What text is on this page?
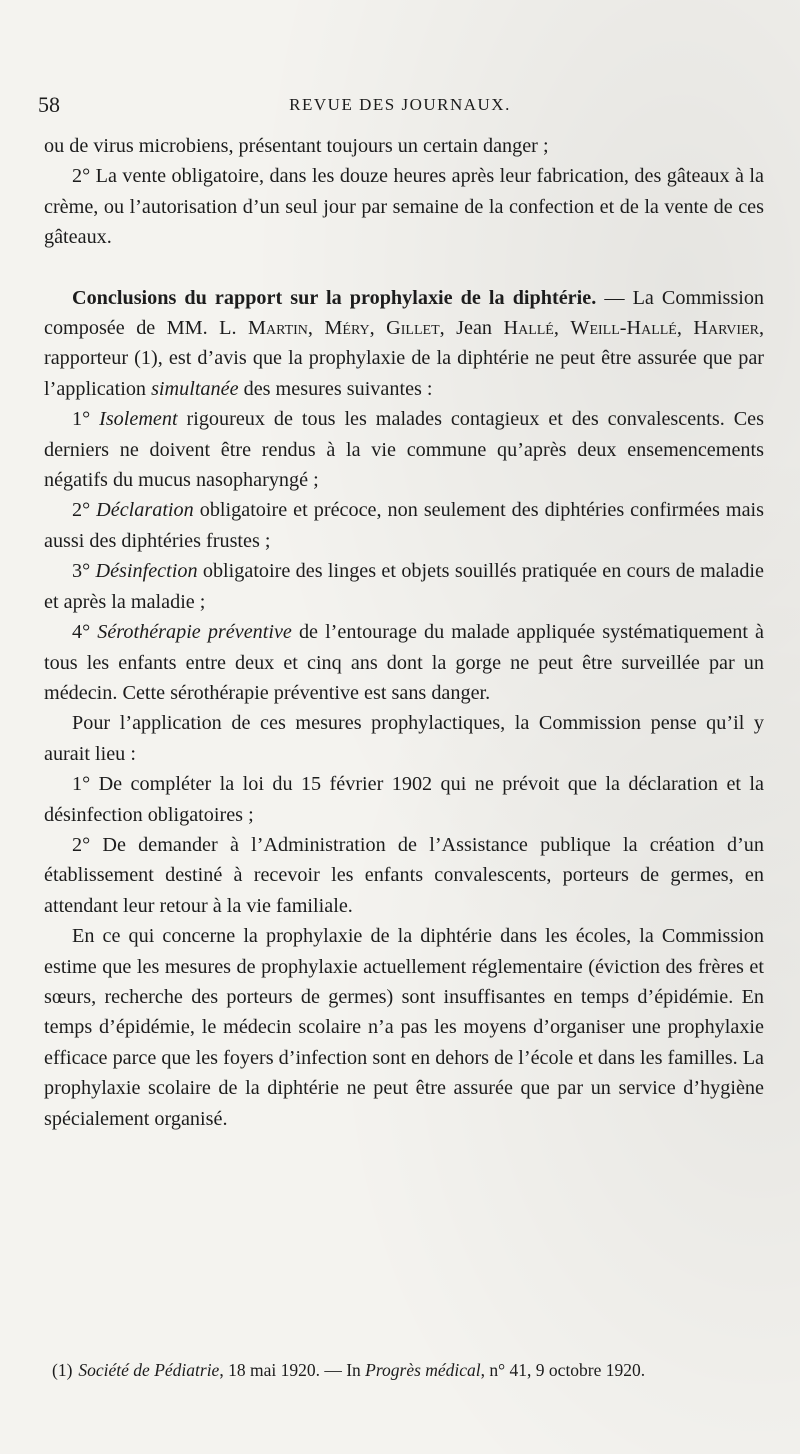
58	REVUE DES JOURNAUX.

ou de virus microbiens, présentant toujours un certain danger ;

2° La vente obligatoire, dans les douze heures après leur fabrication, des gâteaux à la crème, ou l’autorisation d’un seul jour par semaine de la confection et de la vente de ces gâteaux.

Conclusions du rapport sur la prophylaxie de la diphtérie. — La Commission composée de MM. L. Martin, Méry, Gillet, Jean Hallé, Weill-Hallé, Harvier, rapporteur (1), est d’avis que la prophylaxie de la diphtérie ne peut être assurée que par l’application simultanée des mesures suivantes :

1° Isolement rigoureux de tous les malades contagieux et des convalescents. Ces derniers ne doivent être rendus à la vie commune qu’après deux ensemencements négatifs du mucus nasopharyngé ;

2° Déclaration obligatoire et précoce, non seulement des diphtéries confirmées mais aussi des diphtéries frustes ;

3° Désinfection obligatoire des linges et objets souillés pratiquée en cours de maladie et après la maladie ;

4° Sérothérapie préventive de l’entourage du malade appliquée systématiquement à tous les enfants entre deux et cinq ans dont la gorge ne peut être surveillée par un médecin. Cette sérothérapie préventive est sans danger.

Pour l’application de ces mesures prophylactiques, la Commission pense qu’il y aurait lieu :

1° De compléter la loi du 15 février 1902 qui ne prévoit que la déclaration et la désinfection obligatoires ;

2° De demander à l’Administration de l’Assistance publique la création d’un établissement destiné à recevoir les enfants convalescents, porteurs de germes, en attendant leur retour à la vie familiale.

En ce qui concerne la prophylaxie de la diphtérie dans les écoles, la Commission estime que les mesures de prophylaxie actuellement réglementaire (éviction des frères et sœurs, recherche des porteurs de germes) sont insuffisantes en temps d’épidémie. En temps d’épidémie, le médecin scolaire n’a pas les moyens d’organiser une prophylaxie efficace parce que les foyers d’infection sont en dehors de l’école et dans les familles. La prophylaxie scolaire de la diphtérie ne peut être assurée que par un service d’hygiène spécialement organisé.

(1) Société de Pédiatrie, 18 mai 1920. — In Progrès médical, n° 41, 9 octobre 1920.
